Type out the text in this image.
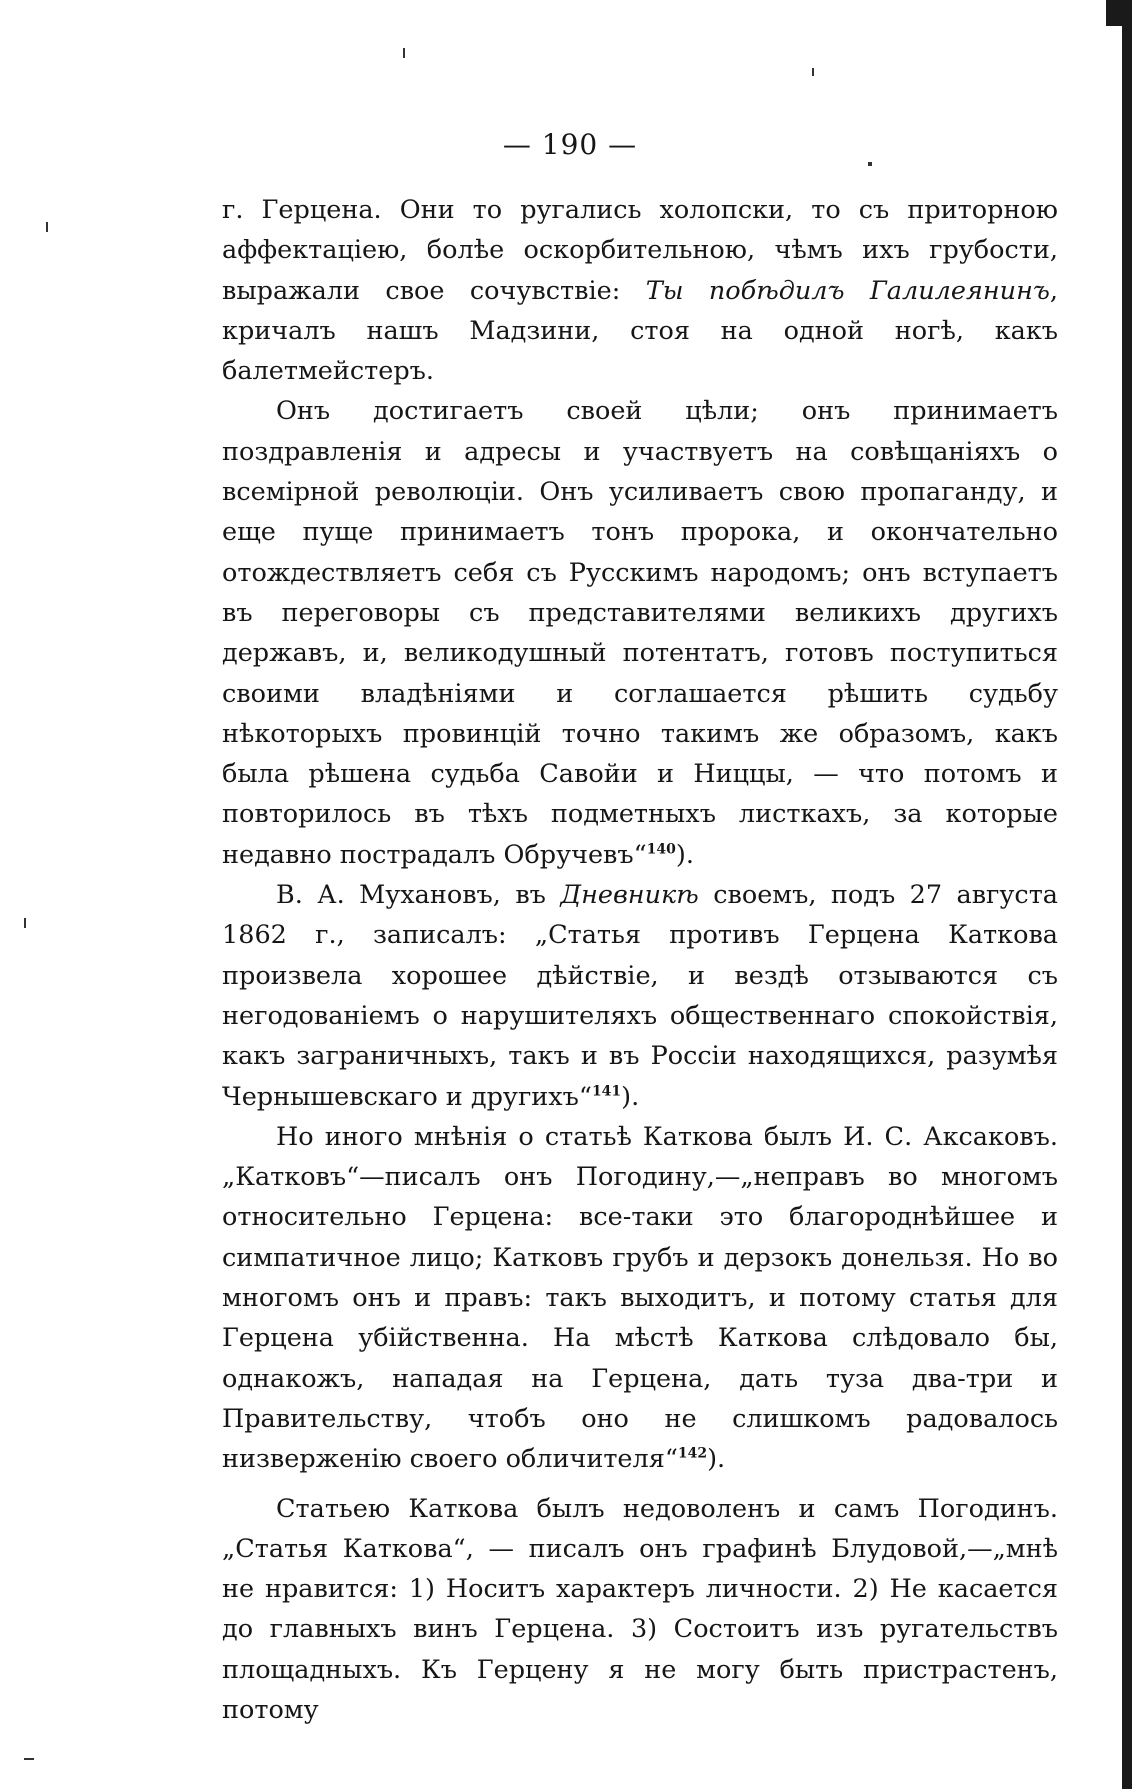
— 190 —

г. Герцена. Они то ругались холопски, то съ приторною аффектацiею, болѣе оскорбительною, чѣмъ ихъ грубости, выражали свое сочувствiе: Ты побѣдилъ Галилеянинъ, кричалъ нашъ Мадзини, стоя на одной ногѣ, какъ балетмейстеръ.

Онъ достигаетъ своей цѣли; онъ принимаетъ поздравленiя и адресы и участвуетъ на совѣщанiяхъ о всемiрной революцiи. Онъ усиливаетъ свою пропаганду, и еще пуще принимаетъ тонъ пророка, и окончательно отождествляетъ себя съ Русскимъ народомъ; онъ вступаетъ въ переговоры съ представителями великихъ другихъ державъ, и, великодушный потентатъ, готовъ поступиться своими владѣнiями и соглашается рѣшить судьбу нѣкоторыхъ провинцiй точно такимъ же образомъ, какъ была рѣшена судьба Савойи и Ниццы, — что потомъ и повторилось въ тѣхъ подметныхъ листкахъ, за которые недавно пострадалъ Обручевъ“$^{140}$).

В. А. Мухановъ, въ Дневникѣ своемъ, подъ 27 августа 1862 г., записалъ: „Статья противъ Герцена Каткова произвела хорошее дѣйствiе, и вездѣ отзываются съ негодованiемъ о нарушителяхъ общественнаго спокойствiя, какъ заграничныхъ, такъ и въ Россiи находящихся, разумѣя Чернышевскаго и другихъ“$^{141}$).

Но иного мнѣнiя о статьѣ Каткова былъ И. С. Аксаковъ. „Катковъ“—писалъ онъ Погодину,—„неправъ во многомъ относительно Герцена: все-таки это благороднѣйшее и симпатичное лицо; Катковъ грубъ и дерзокъ донельзя. Но во многомъ онъ и правъ: такъ выходитъ, и потому статья для Герцена убiйственна. На мѣстѣ Каткова слѣдовало бы, однакожъ, нападая на Герцена, дать туза два-три и Правительству, чтобъ оно не слишкомъ радовалось низверженiю своего обличителя“$^{142}$).

Статьею Каткова былъ недоволенъ и самъ Погодинъ. „Статья Каткова“, — писалъ онъ графинѣ Блудовой,—„мнѣ не нравится: 1) Носитъ характеръ личности. 2) Не касается до главныхъ винъ Герцена. 3) Состоитъ изъ ругательствъ площадныхъ. Къ Герцену я не могу быть пристрастенъ, потому
